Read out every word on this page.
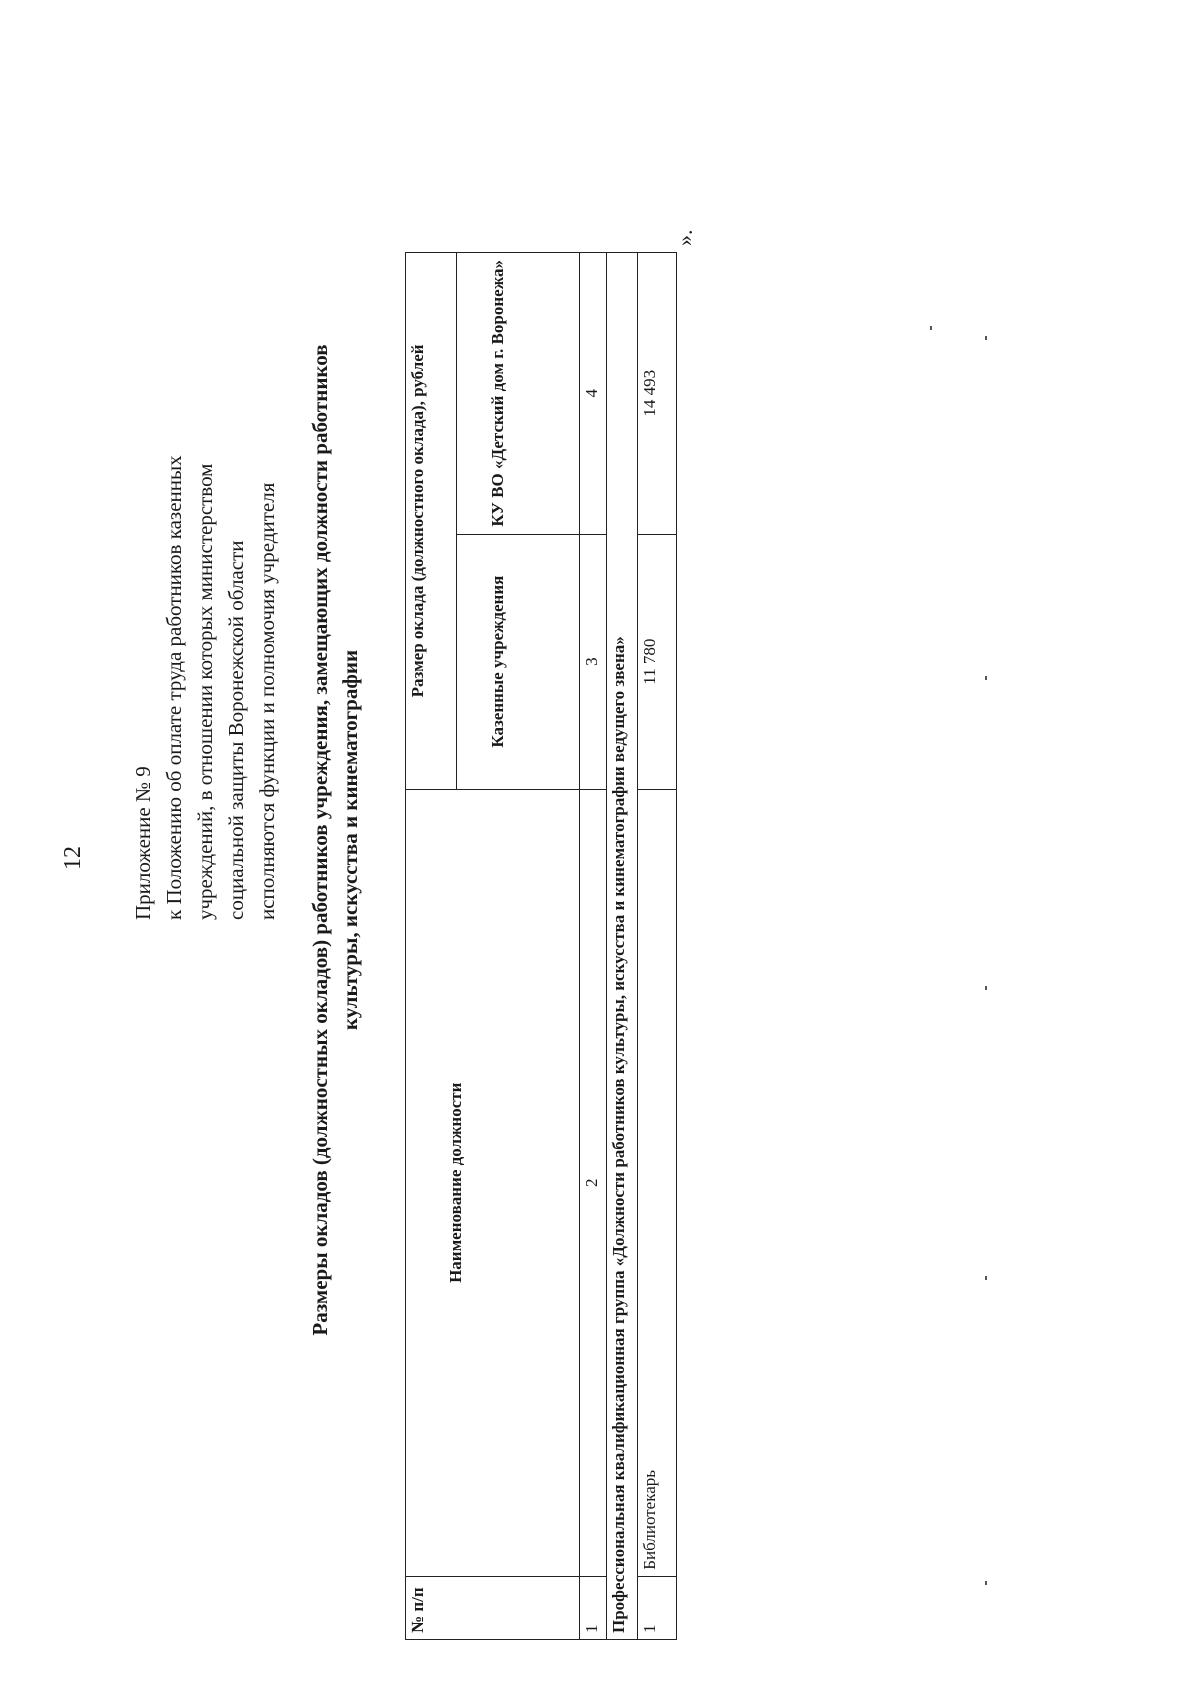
12 Приложение № 9 к Положению об оплате труда работников казенных учреждений, в отношении которых министерством социальной защиты Воронежской области исполняются функции и полномочия учредителя Размеры окладов (должностных окладов) работников учреждения, замещающих должности работников культуры, искусства и кинематографии
№ п/п	Наименование должности	Размер оклада (должностного оклада), рублей	
		Казенные учреждения	КУ ВО «Детский дом г. Воронежа»
1	2	3	4
Профессиональная квалификационная группа «Должности работников культуры, искусства и кинематографии ведущего звена»			
1	Библиотекарь	11 780	14 493
».
